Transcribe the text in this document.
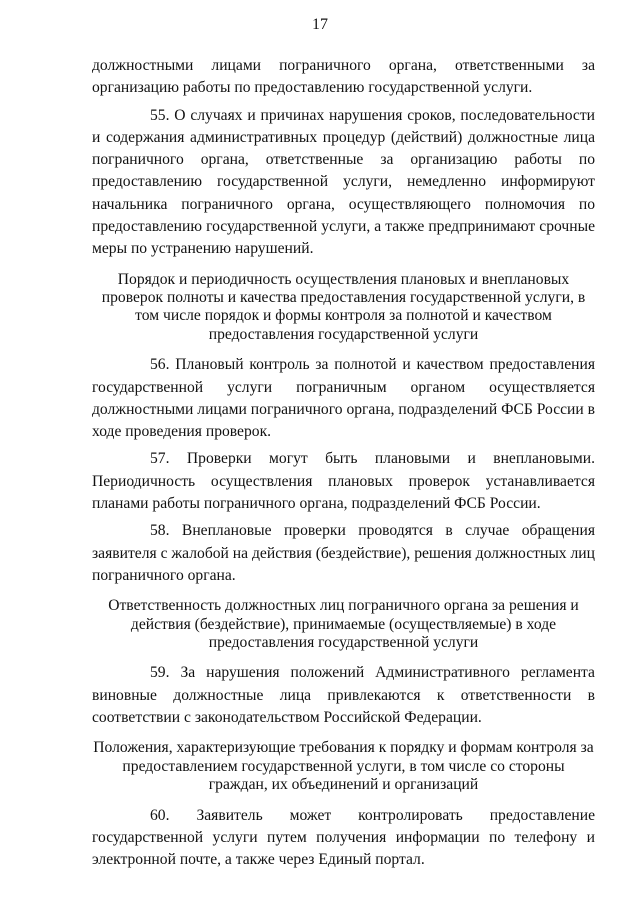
17

должностными лицами пограничного органа, ответственными за организацию работы по предоставлению государственной услуги.

55. О случаях и причинах нарушения сроков, последовательности и содержания административных процедур (действий) должностные лица пограничного органа, ответственные за организацию работы по предоставлению государственной услуги, немедленно информируют начальника пограничного органа, осуществляющего полномочия по предоставлению государственной услуги, а также предпринимают срочные меры по устранению нарушений.

Порядок и периодичность осуществления плановых и внеплановых проверок полноты и качества предоставления государственной услуги, в том числе порядок и формы контроля за полнотой и качеством предоставления государственной услуги

56. Плановый контроль за полнотой и качеством предоставления государственной услуги пограничным органом осуществляется должностными лицами пограничного органа, подразделений ФСБ России в ходе проведения проверок.

57. Проверки могут быть плановыми и внеплановыми. Периодичность осуществления плановых проверок устанавливается планами работы пограничного органа, подразделений ФСБ России.

58. Внеплановые проверки проводятся в случае обращения заявителя с жалобой на действия (бездействие), решения должностных лиц пограничного органа.

Ответственность должностных лиц пограничного органа за решения и действия (бездействие), принимаемые (осуществляемые) в ходе предоставления государственной услуги

59. За нарушения положений Административного регламента виновные должностные лица привлекаются к ответственности в соответствии с законодательством Российской Федерации.

Положения, характеризующие требования к порядку и формам контроля за предоставлением государственной услуги, в том числе со стороны граждан, их объединений и организаций

60. Заявитель может контролировать предоставление государственной услуги путем получения информации по телефону и электронной почте, а также через Единый портал.
